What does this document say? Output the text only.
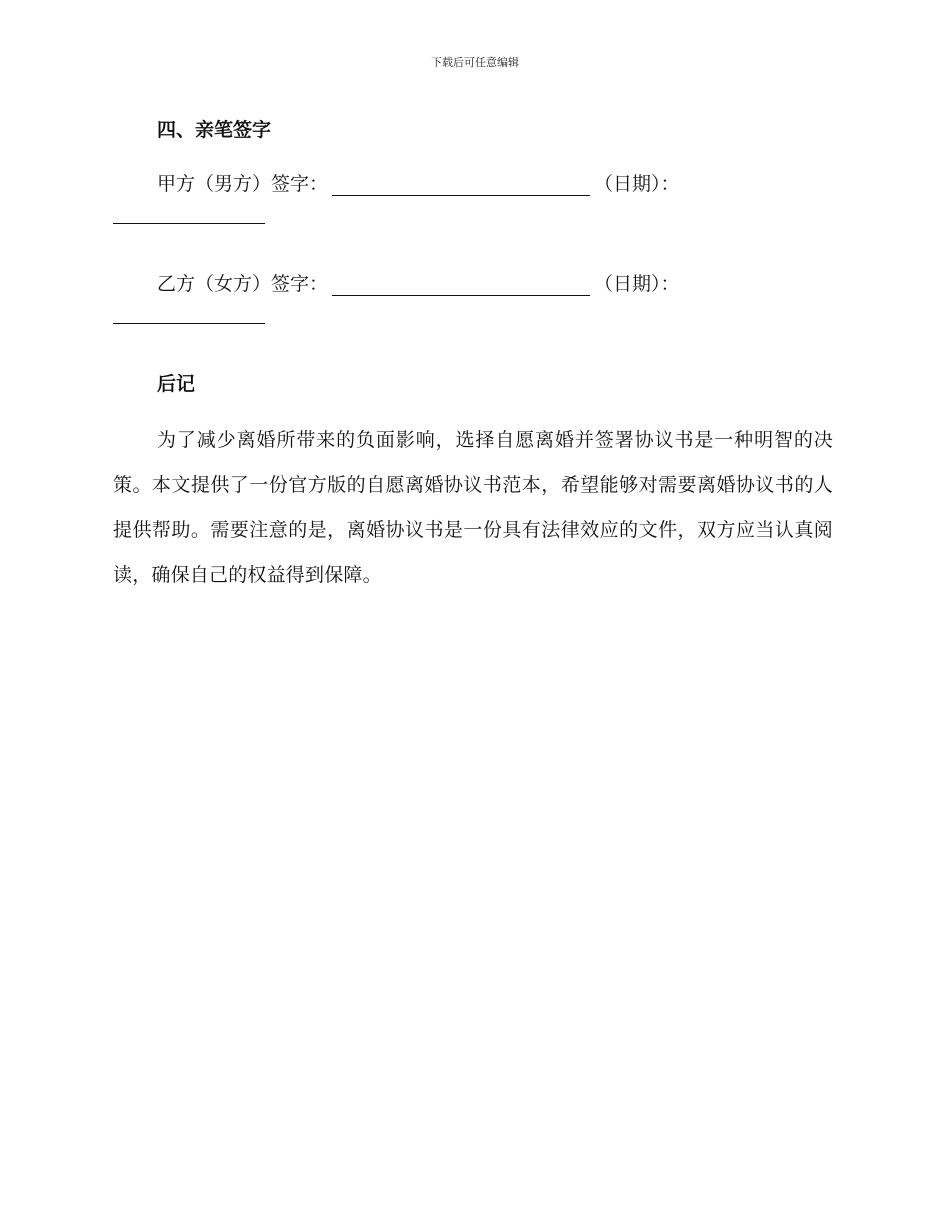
下载后可任意编辑
四、亲笔签字
甲方（男方）签字：	（日期）：
乙方（女方）签字：	（日期）：
后记

为了减少离婚所带来的负面影响，选择自愿离婚并签署协议书是一种明智的决策。本文提供了一份官方版的自愿离婚协议书范本，希望能够对需要离婚协议书的人提供帮助。需要注意的是，离婚协议书是一份具有法律效应的文件，双方应当认真阅读，确保自己的权益得到保障。
